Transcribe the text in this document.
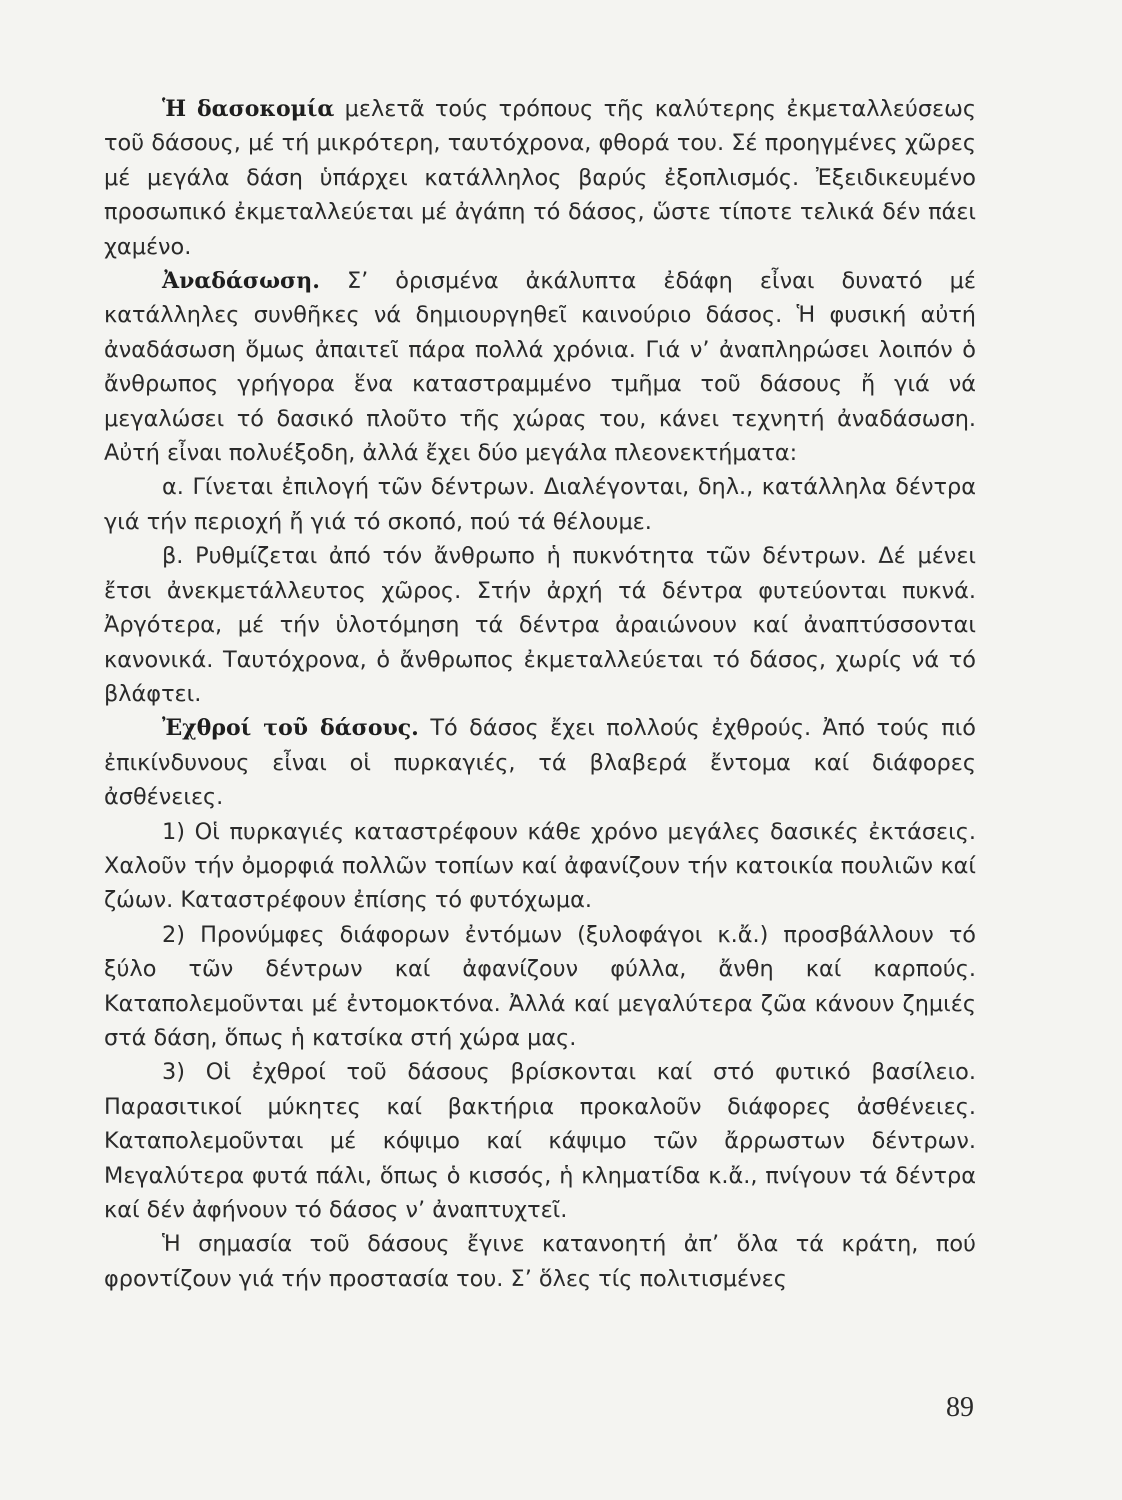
Ἡ δασοκομία μελετᾶ τούς τρόπους τῆς καλύτερης ἐκμεταλλεύσεως τοῦ δάσους, μέ τή μικρότερη, ταυτόχρονα, φθορά του. Σέ προηγμένες χῶρες μέ μεγάλα δάση ὑπάρχει κατάλληλος βαρύς ἐξοπλισμός. Ἐξειδικευμένο προσωπικό ἐκμεταλλεύεται μέ ἀγάπη τό δάσος, ὥστε τίποτε τελικά δέν πάει χαμένο.

Ἀναδάσωση. Σ’ ὁρισμένα ἀκάλυπτα ἐδάφη εἶναι δυνατό μέ κατάλληλες συνθῆκες νά δημιουργηθεῖ καινούριο δάσος. Ἡ φυσική αὐτή ἀναδάσωση ὅμως ἀπαιτεῖ πάρα πολλά χρόνια. Γιά ν’ ἀναπληρώσει λοιπόν ὁ ἄνθρωπος γρήγορα ἕνα καταστραμμένο τμῆμα τοῦ δάσους ἤ γιά νά μεγαλώσει τό δασικό πλοῦτο τῆς χώρας του, κάνει τεχνητή ἀναδάσωση. Αὐτή εἶναι πολυέξοδη, ἀλλά ἔχει δύο μεγάλα πλεονεκτήματα:

α. Γίνεται ἐπιλογή τῶν δέντρων. Διαλέγονται, δηλ., κατάλληλα δέντρα γιά τήν περιοχή ἤ γιά τό σκοπό, πού τά θέλουμε.

β. Ρυθμίζεται ἀπό τόν ἄνθρωπο ἡ πυκνότητα τῶν δέντρων. Δέ μένει ἔτσι ἀνεκμετάλλευτος χῶρος. Στήν ἀρχή τά δέντρα φυτεύονται πυκνά. Ἀργότερα, μέ τήν ὑλοτόμηση τά δέντρα ἀραιώνουν καί ἀναπτύσσονται κανονικά. Ταυτόχρονα, ὁ ἄνθρωπος ἐκμεταλλεύεται τό δάσος, χωρίς νά τό βλάφτει.

Ἐχθροί τοῦ δάσους. Τό δάσος ἔχει πολλούς ἐχθρούς. Ἀπό τούς πιό ἐπικίνδυνους εἶναι οἱ πυρκαγιές, τά βλαβερά ἔντομα καί διάφορες ἀσθένειες.

1) Οἱ πυρκαγιές καταστρέφουν κάθε χρόνο μεγάλες δασικές ἐκτάσεις. Χαλοῦν τήν ὀμορφιά πολλῶν τοπίων καί ἀφανίζουν τήν κατοικία πουλιῶν καί ζώων. Καταστρέφουν ἐπίσης τό φυτόχωμα.

2) Προνύμφες διάφορων ἐντόμων (ξυλοφάγοι κ.ἄ.) προσβάλλουν τό ξύλο τῶν δέντρων καί ἀφανίζουν φύλλα, ἄνθη καί καρπούς. Καταπολεμοῦνται μέ ἐντομοκτόνα. Ἀλλά καί μεγαλύτερα ζῶα κάνουν ζημιές στά δάση, ὅπως ἡ κατσίκα στή χώρα μας.

3) Οἱ ἐχθροί τοῦ δάσους βρίσκονται καί στό φυτικό βασίλειο. Παρασιτικοί μύκητες καί βακτήρια προκαλοῦν διάφορες ἀσθένειες. Καταπολεμοῦνται μέ κόψιμο καί κάψιμο τῶν ἄρρωστων δέντρων. Μεγαλύτερα φυτά πάλι, ὅπως ὁ κισσός, ἡ κληματίδα κ.ἄ., πνίγουν τά δέντρα καί δέν ἀφήνουν τό δάσος ν’ ἀναπτυχτεῖ.

Ἡ σημασία τοῦ δάσους ἔγινε κατανοητή ἀπ’ ὅλα τά κράτη, πού φροντίζουν γιά τήν προστασία του. Σ’ ὅλες τίς πολιτισμένες

89
